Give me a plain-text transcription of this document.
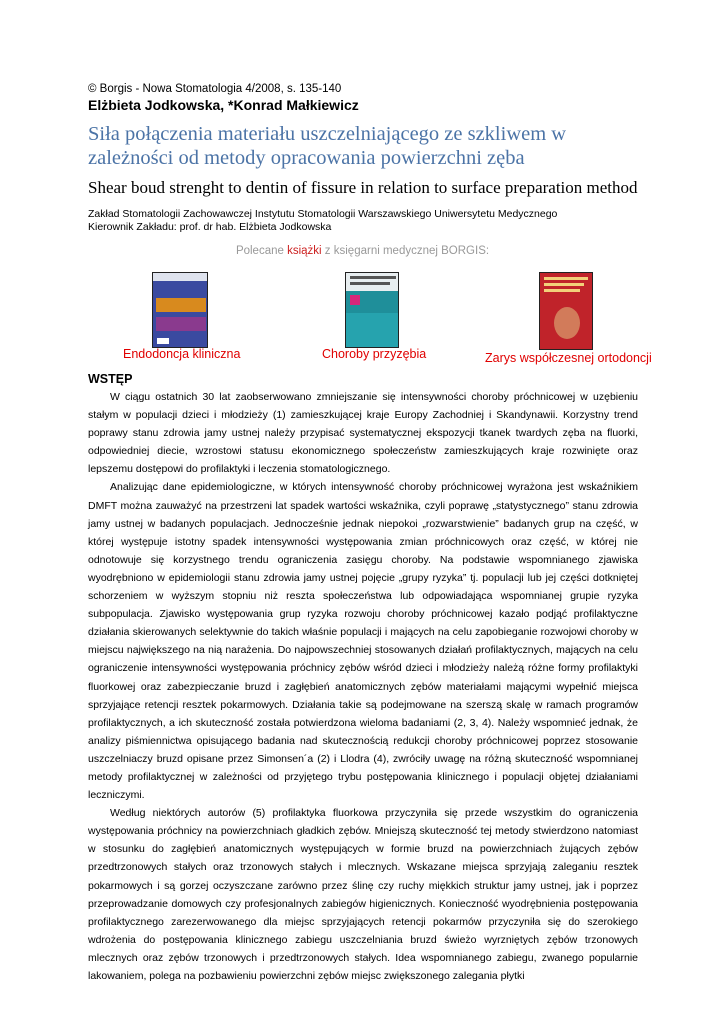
© Borgis - Nowa Stomatologia 4/2008, s. 135-140
Elżbieta Jodkowska, *Konrad Małkiewicz
Siła połączenia materiału uszczelniającego ze szkliwem w zależności od metody opracowania powierzchni zęba
Shear boud strenght to dentin of fissure in relation to surface preparation method
Zakład Stomatologii Zachowawczej Instytutu Stomatologii Warszawskiego Uniwersytetu Medycznego
Kierownik Zakładu: prof. dr hab. Elżbieta Jodkowska
Polecane książki z księgarni medycznej BORGIS:
Endodoncja kliniczna	Choroby przyzębia	Zarys współczesnej ortodoncji
WSTĘP

W ciągu ostatnich 30 lat zaobserwowano zmniejszanie się intensywności choroby próchnicowej w uzębieniu stałym w populacji dzieci i młodzieży (1) zamieszkującej kraje Europy Zachodniej i Skandynawii. Korzystny trend poprawy stanu zdrowia jamy ustnej należy przypisać systematycznej ekspozycji tkanek twardych zęba na fluorki, odpowiedniej diecie, wzrostowi statusu ekonomicznego społeczeństw zamieszkujących kraje rozwinięte oraz lepszemu dostępowi do profilaktyki i leczenia stomatologicznego.

Analizując dane epidemiologiczne, w których intensywność choroby próchnicowej wyrażona jest wskaźnikiem DMFT można zauważyć na przestrzeni lat spadek wartości wskaźnika, czyli poprawę „statystycznego” stanu zdrowia jamy ustnej w badanych populacjach. Jednocześnie jednak niepokoi „rozwarstwienie” badanych grup na część, w której występuje istotny spadek intensywności występowania zmian próchnicowych oraz część, w której nie odnotowuje się korzystnego trendu ograniczenia zasięgu choroby. Na podstawie wspomnianego zjawiska wyodrębniono w epidemiologii stanu zdrowia jamy ustnej pojęcie „grupy ryzyka” tj. populacji lub jej części dotkniętej schorzeniem w wyższym stopniu niż reszta społeczeństwa lub odpowiadająca wspomnianej grupie ryzyka subpopulacja. Zjawisko występowania grup ryzyka rozwoju choroby próchnicowej kazało podjąć profilaktyczne działania skierowanych selektywnie do takich właśnie populacji i mających na celu zapobieganie rozwojowi choroby w miejscu największego na nią narażenia. Do najpowszechniej stosowanych działań profilaktycznych, mających na celu ograniczenie intensywności występowania próchnicy zębów wśród dzieci i młodzieży należą różne formy profilaktyki fluorkowej oraz zabezpieczanie bruzd i zagłębień anatomicznych zębów materiałami mającymi wypełnić miejsca sprzyjające retencji resztek pokarmowych. Działania takie są podejmowane na szerszą skalę w ramach programów profilaktycznych, a ich skuteczność została potwierdzona wieloma badaniami (2, 3, 4). Należy wspomnieć jednak, że analizy piśmiennictwa opisującego badania nad skutecznością redukcji choroby próchnicowej poprzez stosowanie uszczelniaczy bruzd opisane przez Simonsen´a (2) i Llodra (4), zwróciły uwagę na różną skuteczność wspomnianej metody profilaktycznej w zależności od przyjętego trybu postępowania klinicznego i populacji objętej działaniami leczniczymi.

Według niektórych autorów (5) profilaktyka fluorkowa przyczyniła się przede wszystkim do ograniczenia występowania próchnicy na powierzchniach gładkich zębów. Mniejszą skuteczność tej metody stwierdzono natomiast w stosunku do zagłębień anatomicznych występujących w formie bruzd na powierzchniach żujących zębów przedtrzonowych stałych oraz trzonowych stałych i mlecznych. Wskazane miejsca sprzyjają zaleganiu resztek pokarmowych i są gorzej oczyszczane zarówno przez ślinę czy ruchy miękkich struktur jamy ustnej, jak i poprzez przeprowadzanie domowych czy profesjonalnych zabiegów higienicznych. Konieczność wyodrębnienia postępowania profilaktycznego zarezerwowanego dla miejsc sprzyjających retencji pokarmów przyczyniła się do szerokiego wdrożenia do postępowania klinicznego zabiegu uszczelniania bruzd świeżo wyrzniętych zębów trzonowych mlecznych oraz zębów trzonowych i przedtrzonowych stałych. Idea wspomnianego zabiegu, zwanego popularnie lakowaniem, polega na pozbawieniu powierzchni zębów miejsc zwiększonego zalegania płytki
